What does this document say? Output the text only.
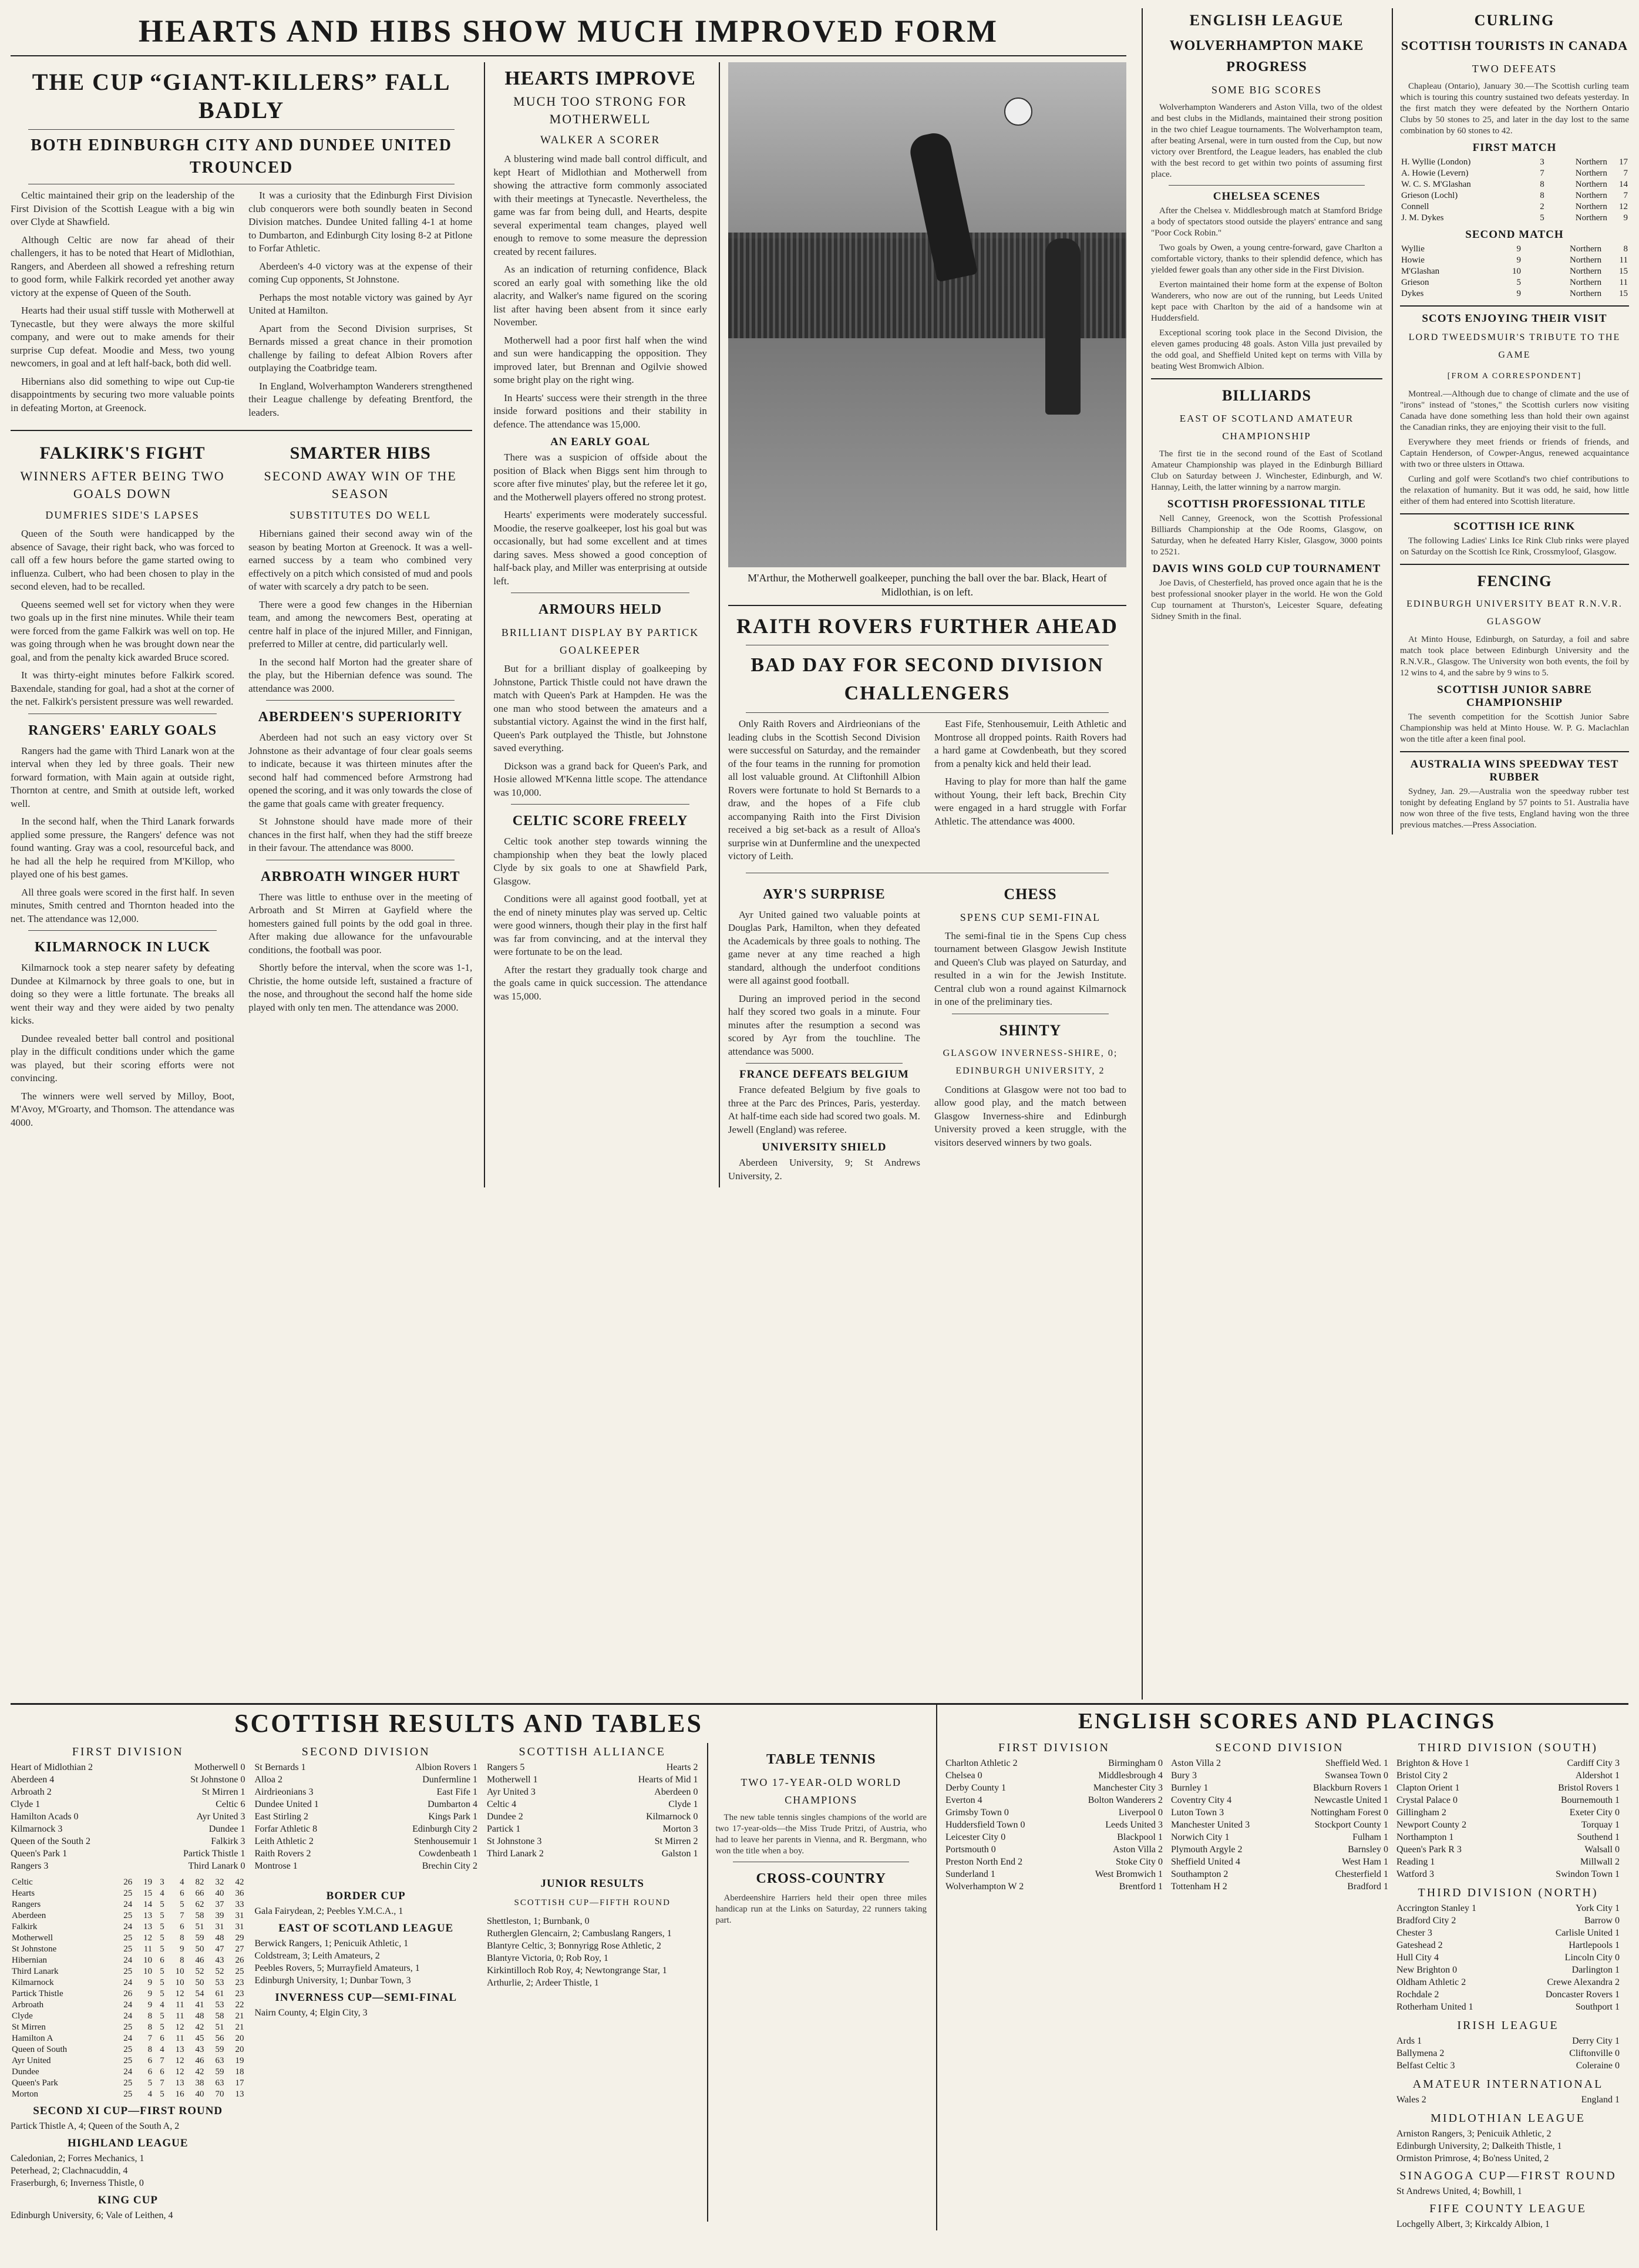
HEARTS AND HIBS SHOW MUCH IMPROVED FORM
THE CUP “GIANT-KILLERS” FALL BADLY
BOTH EDINBURGH CITY AND DUNDEE UNITED TROUNCED

Celtic maintained their grip on the leadership of the First Division of the Scottish League with a big win over Clyde at Shawfield.

Although Celtic are now far ahead of their challengers, it has to be noted that Heart of Midlothian, Rangers, and Aberdeen all showed a refreshing return to good form, while Falkirk recorded yet another away victory at the expense of Queen of the South.

Hearts had their usual stiff tussle with Motherwell at Tynecastle, but they were always the more skilful company, and were out to make amends for their surprise Cup defeat. Moodie and Mess, two young newcomers, in goal and at left half-back, both did well.

Hibernians also did something to wipe out Cup-tie disappointments by securing two more valuable points in defeating Morton, at Greenock.

It was a curiosity that the Edinburgh First Division club conquerors were both soundly beaten in Second Division matches. Dundee United falling 4-1 at home to Dumbarton, and Edinburgh City losing 8-2 at Pitlone to Forfar Athletic.

Aberdeen's 4-0 victory was at the expense of their coming Cup opponents, St Johnstone.

Perhaps the most notable victory was gained by Ayr United at Hamilton.

Apart from the Second Division surprises, St Bernards missed a great chance in their promotion challenge by failing to defeat Albion Rovers after outplaying the Coatbridge team.

In England, Wolverhampton Wanderers strengthened their League challenge by defeating Brentford, the leaders.

FALKIRK'S FIGHT
WINNERS AFTER BEING TWO GOALS DOWN
DUMFRIES SIDE'S LAPSES

Queen of the South were handicapped by the absence of Savage, their right back, who was forced to call off a few hours before the game started owing to influenza. Culbert, who had been chosen to play in the second eleven, had to be recalled.

Queens seemed well set for victory when they were two goals up in the first nine minutes. While their team were forced from the game Falkirk was well on top. He was going through when he was brought down near the goal, and from the penalty kick awarded Bruce scored.

It was thirty-eight minutes before Falkirk scored. Baxendale, standing for goal, had a shot at the corner of the net. Falkirk's persistent pressure was well rewarded.

RANGERS' EARLY GOALS

Rangers had the game with Third Lanark won at the interval when they led by three goals. Their new forward formation, with Main again at outside right, Thornton at centre, and Smith at outside left, worked well.

In the second half, when the Third Lanark forwards applied some pressure, the Rangers' defence was not found wanting. Gray was a cool, resourceful back, and he had all the help he required from M'Killop, who played one of his best games.

All three goals were scored in the first half. In seven minutes, Smith centred and Thornton headed into the net. The attendance was 12,000.

KILMARNOCK IN LUCK

Kilmarnock took a step nearer safety by defeating Dundee at Kilmarnock by three goals to one, but in doing so they were a little fortunate. The breaks all went their way and they were aided by two penalty kicks.

Dundee revealed better ball control and positional play in the difficult conditions under which the game was played, but their scoring efforts were not convincing.

The winners were well served by Milloy, Boot, M'Avoy, M'Groarty, and Thomson. The attendance was 4000.

SMARTER HIBS
SECOND AWAY WIN OF THE SEASON
SUBSTITUTES DO WELL

Hibernians gained their second away win of the season by beating Morton at Greenock. It was a well-earned success by a team who combined very effectively on a pitch which consisted of mud and pools of water with scarcely a dry patch to be seen.

There were a good few changes in the Hibernian team, and among the newcomers Best, operating at centre half in place of the injured Miller, and Finnigan, preferred to Miller at centre, did particularly well.

In the second half Morton had the greater share of the play, but the Hibernian defence was sound. The attendance was 2000.

ABERDEEN'S SUPERIORITY

Aberdeen had not such an easy victory over St Johnstone as their advantage of four clear goals seems to indicate, because it was thirteen minutes after the second half had commenced before Armstrong had opened the scoring, and it was only towards the close of the game that goals came with greater frequency.

St Johnstone should have made more of their chances in the first half, when they had the stiff breeze in their favour. The attendance was 8000.

ARBROATH WINGER HURT

There was little to enthuse over in the meeting of Arbroath and St Mirren at Gayfield where the homesters gained full points by the odd goal in three. After making due allowance for the unfavourable conditions, the football was poor.

Shortly before the interval, when the score was 1-1, Christie, the home outside left, sustained a fracture of the nose, and throughout the second half the home side played with only ten men. The attendance was 2000.

HEARTS IMPROVE
MUCH TOO STRONG FOR MOTHERWELL
WALKER A SCORER

A blustering wind made ball control difficult, and kept Heart of Midlothian and Motherwell from showing the attractive form commonly associated with their meetings at Tynecastle. Nevertheless, the game was far from being dull, and Hearts, despite several experimental team changes, played well enough to remove to some measure the depression created by recent failures.

As an indication of returning confidence, Black scored an early goal with something like the old alacrity, and Walker's name figured on the scoring list after having been absent from it since early November.

Motherwell had a poor first half when the wind and sun were handicapping the opposition. They improved later, but Brennan and Ogilvie showed some bright play on the right wing.

In Hearts' success were their strength in the three inside forward positions and their stability in defence. The attendance was 15,000.

AN EARLY GOAL

There was a suspicion of offside about the position of Black when Biggs sent him through to score after five minutes' play, but the referee let it go, and the Motherwell players offered no strong protest.

Hearts' experiments were moderately successful. Moodie, the reserve goalkeeper, lost his goal but was occasionally, but had some excellent and at times daring saves. Mess showed a good conception of half-back play, and Miller was enterprising at outside left.

ARMOURS HELD
BRILLIANT DISPLAY BY PARTICK GOALKEEPER

But for a brilliant display of goalkeeping by Johnstone, Partick Thistle could not have drawn the match with Queen's Park at Hampden. He was the one man who stood between the amateurs and a substantial victory. Against the wind in the first half, Queen's Park outplayed the Thistle, but Johnstone saved everything.

Dickson was a grand back for Queen's Park, and Hosie allowed M'Kenna little scope. The attendance was 10,000.

CELTIC SCORE FREELY

Celtic took another step towards winning the championship when they beat the lowly placed Clyde by six goals to one at Shawfield Park, Glasgow.

Conditions were all against good football, yet at the end of ninety minutes play was served up. Celtic were good winners, though their play in the first half was far from convincing, and at the interval they were fortunate to be on the lead.

After the restart they gradually took charge and the goals came in quick succession. The attendance was 15,000.

M'Arthur, the Motherwell goalkeeper, punching the ball over the bar. Black, Heart of Midlothian, is on left.
RAITH ROVERS FURTHER AHEAD
BAD DAY FOR SECOND DIVISION CHALLENGERS

Only Raith Rovers and Airdrieonians of the leading clubs in the Scottish Second Division were successful on Saturday, and the remainder of the four teams in the running for promotion all lost valuable ground. At Cliftonhill Albion Rovers were fortunate to hold St Bernards to a draw, and the hopes of a Fife club accompanying Raith into the First Division received a big set-back as a result of Alloa's surprise win at Dunfermline and the unexpected victory of Leith.

East Fife, Stenhousemuir, Leith Athletic and Montrose all dropped points. Raith Rovers had a hard game at Cowdenbeath, but they scored from a penalty kick and held their lead.

Having to play for more than half the game without Young, their left back, Brechin City were engaged in a hard struggle with Forfar Athletic. The attendance was 4000.

AYR'S SURPRISE

Ayr United gained two valuable points at Douglas Park, Hamilton, when they defeated the Academicals by three goals to nothing. The game never at any time reached a high standard, although the underfoot conditions were all against good football.

During an improved period in the second half they scored two goals in a minute. Four minutes after the resumption a second was scored by Ayr from the touchline. The attendance was 5000.

FRANCE DEFEATS BELGIUM

France defeated Belgium by five goals to three at the Parc des Princes, Paris, yesterday. At half-time each side had scored two goals. M. Jewell (England) was referee.

UNIVERSITY SHIELD

Aberdeen University, 9; St Andrews University, 2.

CHESS
SPENS CUP SEMI-FINAL

The semi-final tie in the Spens Cup chess tournament between Glasgow Jewish Institute and Queen's Club was played on Saturday, and resulted in a win for the Jewish Institute. Central club won a round against Kilmarnock in one of the preliminary ties.

SHINTY
GLASGOW INVERNESS-SHIRE, 0; EDINBURGH UNIVERSITY, 2

Conditions at Glasgow were not too bad to allow good play, and the match between Glasgow Inverness-shire and Edinburgh University proved a keen struggle, with the visitors deserved winners by two goals.

ENGLISH LEAGUE
WOLVERHAMPTON MAKE PROGRESS
SOME BIG SCORES

Wolverhampton Wanderers and Aston Villa, two of the oldest and best clubs in the Midlands, maintained their strong position in the two chief League tournaments. The Wolverhampton team, after beating Arsenal, were in turn ousted from the Cup, but now victory over Brentford, the League leaders, has enabled the club with the best record to get within two points of assuming first place.

CHELSEA SCENES

After the Chelsea v. Middlesbrough match at Stamford Bridge a body of spectators stood outside the players' entrance and sang "Poor Cock Robin."

Two goals by Owen, a young centre-forward, gave Charlton a comfortable victory, thanks to their splendid defence, which has yielded fewer goals than any other side in the First Division.

Everton maintained their home form at the expense of Bolton Wanderers, who now are out of the running, but Leeds United kept pace with Charlton by the aid of a handsome win at Huddersfield.

Exceptional scoring took place in the Second Division, the eleven games producing 48 goals. Aston Villa just prevailed by the odd goal, and Sheffield United kept on terms with Villa by beating West Bromwich Albion.

BILLIARDS
EAST OF SCOTLAND AMATEUR CHAMPIONSHIP

The first tie in the second round of the East of Scotland Amateur Championship was played in the Edinburgh Billiard Club on Saturday between J. Winchester, Edinburgh, and W. Hannay, Leith, the latter winning by a narrow margin.

SCOTTISH PROFESSIONAL TITLE

Nell Canney, Greenock, won the Scottish Professional Billiards Championship at the Ode Rooms, Glasgow, on Saturday, when he defeated Harry Kisler, Glasgow, 3000 points to 2521.

DAVIS WINS GOLD CUP TOURNAMENT

Joe Davis, of Chesterfield, has proved once again that he is the best professional snooker player in the world. He won the Gold Cup tournament at Thurston's, Leicester Square, defeating Sidney Smith in the final.

CURLING
SCOTTISH TOURISTS IN CANADA
TWO DEFEATS

Chapleau (Ontario), January 30.—The Scottish curling team which is touring this country sustained two defeats yesterday. In the first match they were defeated by the Northern Ontario Clubs by 50 stones to 25, and later in the day lost to the same combination by 60 stones to 42.

FIRST MATCH
H. Wyllie (London)	3	Northern	17
A. Howie (Levern)	7	Northern	7
W. C. S. M'Glashan	8	Northern	14
Grieson (Lochl)	8	Northern	7
Connell	2	Northern	12
J. M. Dykes	5	Northern	9
SECOND MATCH
Wyllie	9	Northern	8
Howie	9	Northern	11
M'Glashan	10	Northern	15
Grieson	5	Northern	11
Dykes	9	Northern	15
SCOTS ENJOYING THEIR VISIT
LORD TWEEDSMUIR'S TRIBUTE TO THE GAME
[FROM A CORRESPONDENT]

Montreal.—Although due to change of climate and the use of "irons" instead of "stones," the Scottish curlers now visiting Canada have done something less than hold their own against the Canadian rinks, they are enjoying their visit to the full.

Everywhere they meet friends or friends of friends, and Captain Henderson, of Cowper-Angus, renewed acquaintance with two or three ulsters in Ottawa.

Curling and golf were Scotland's two chief contributions to the relaxation of humanity. But it was odd, he said, how little either of them had entered into Scottish literature.

SCOTTISH ICE RINK

The following Ladies' Links Ice Rink Club rinks were played on Saturday on the Scottish Ice Rink, Crossmyloof, Glasgow.

FENCING
EDINBURGH UNIVERSITY BEAT R.N.V.R. GLASGOW

At Minto House, Edinburgh, on Saturday, a foil and sabre match took place between Edinburgh University and the R.N.V.R., Glasgow. The University won both events, the foil by 12 wins to 4, and the sabre by 9 wins to 5.

SCOTTISH JUNIOR SABRE CHAMPIONSHIP

The seventh competition for the Scottish Junior Sabre Championship was held at Minto House. W. P. G. Maclachlan won the title after a keen final pool.

AUSTRALIA WINS SPEEDWAY TEST RUBBER

Sydney, Jan. 29.—Australia won the speedway rubber test tonight by defeating England by 57 points to 51. Australia have now won three of the five tests, England having won the three previous matches.—Press Association.

SCOTTISH RESULTS AND TABLES
FIRST DIVISION
Heart of Midlothian 2	Motherwell 0
Aberdeen 4	St Johnstone 0
Arbroath 2	St Mirren 1
Clyde 1	Celtic 6
Hamilton Acads 0	Ayr United 3
Kilmarnock 3	Dundee 1
Queen of the South 2	Falkirk 3
Queen's Park 1	Partick Thistle 1
Rangers 3	Third Lanark 0
Celtic	26	19	3	4	82	32	42
Hearts	25	15	4	6	66	40	36
Rangers	24	14	5	5	62	37	33
Aberdeen	25	13	5	7	58	39	31
Falkirk	24	13	5	6	51	31	31
Motherwell	25	12	5	8	59	48	29
St Johnstone	25	11	5	9	50	47	27
Hibernian	24	10	6	8	46	43	26
Third Lanark	25	10	5	10	52	52	25
Kilmarnock	24	9	5	10	50	53	23
Partick Thistle	26	9	5	12	54	61	23
Arbroath	24	9	4	11	41	53	22
Clyde	24	8	5	11	48	58	21
St Mirren	25	8	5	12	42	51	21
Hamilton A	24	7	6	11	45	56	20
Queen of South	25	8	4	13	43	59	20
Ayr United	25	6	7	12	46	63	19
Dundee	24	6	6	12	42	59	18
Queen's Park	25	5	7	13	38	63	17
Morton	25	4	5	16	40	70	13
SECOND XI CUP—FIRST ROUND
Partick Thistle A, 4; Queen of the South A, 2
HIGHLAND LEAGUE
Caledonian, 2; Forres Mechanics, 1
Peterhead, 2; Clachnacuddin, 4
Fraserburgh, 6; Inverness Thistle, 0
KING CUP
Edinburgh University, 6; Vale of Leithen, 4
SECOND DIVISION
St Bernards 1	Albion Rovers 1
Alloa 2	Dunfermline 1
Airdrieonians 3	East Fife 1
Dundee United 1	Dumbarton 4
East Stirling 2	Kings Park 1
Forfar Athletic 8	Edinburgh City 2
Leith Athletic 2	Stenhousemuir 1
Raith Rovers 2	Cowdenbeath 1
Montrose 1	Brechin City 2
BORDER CUP
Gala Fairydean, 2; Peebles Y.M.C.A., 1
EAST OF SCOTLAND LEAGUE
Berwick Rangers, 1; Penicuik Athletic, 1
Coldstream, 3; Leith Amateurs, 2
Peebles Rovers, 5; Murrayfield Amateurs, 1
Edinburgh University, 1; Dunbar Town, 3
INVERNESS CUP—SEMI-FINAL
Nairn County, 4; Elgin City, 3
SCOTTISH ALLIANCE
Rangers 5	Hearts 2
Motherwell 1	Hearts of Mid 1
Ayr United 3	Aberdeen 0
Celtic 4	Clyde 1
Dundee 2	Kilmarnock 0
Partick 1	Morton 3
St Johnstone 3	St Mirren 2
Third Lanark 2	Galston 1
JUNIOR RESULTS
SCOTTISH CUP—FIFTH ROUND
Shettleston, 1; Burnbank, 0
Rutherglen Glencairn, 2; Cambuslang Rangers, 1
Blantyre Celtic, 3; Bonnyrigg Rose Athletic, 2
Blantyre Victoria, 0; Rob Roy, 1
Kirkintilloch Rob Roy, 4; Newtongrange Star, 1
Arthurlie, 2; Ardeer Thistle, 1
TABLE TENNIS
TWO 17-YEAR-OLD WORLD CHAMPIONS

The new table tennis singles champions of the world are two 17-year-olds—the Miss Trude Pritzi, of Austria, who had to leave her parents in Vienna, and R. Bergmann, who won the title when a boy.

CROSS-COUNTRY

Aberdeenshire Harriers held their open three miles handicap run at the Links on Saturday, 22 runners taking part.

ENGLISH SCORES AND PLACINGS
FIRST DIVISION
Charlton Athletic 2	Birmingham 0
Chelsea 0	Middlesbrough 4
Derby County 1	Manchester City 3
Everton 4	Bolton Wanderers 2
Grimsby Town 0	Liverpool 0
Huddersfield Town 0	Leeds United 3
Leicester City 0	Blackpool 1
Portsmouth 0	Aston Villa 2
Preston North End 2	Stoke City 0
Sunderland 1	West Bromwich 1
Wolverhampton W 2	Brentford 1
SECOND DIVISION
Aston Villa 2	Sheffield Wed. 1
Bury 3	Swansea Town 0
Burnley 1	Blackburn Rovers 1
Coventry City 4	Newcastle United 1
Luton Town 3	Nottingham Forest 0
Manchester United 3	Stockport County 1
Norwich City 1	Fulham 1
Plymouth Argyle 2	Barnsley 0
Sheffield United 4	West Ham 1
Southampton 2	Chesterfield 1
Tottenham H 2	Bradford 1
THIRD DIVISION (SOUTH)
Brighton & Hove 1	Cardiff City 3
Bristol City 2	Aldershot 1
Clapton Orient 1	Bristol Rovers 1
Crystal Palace 0	Bournemouth 1
Gillingham 2	Exeter City 0
Newport County 2	Torquay 1
Northampton 1	Southend 1
Queen's Park R 3	Walsall 0
Reading 1	Millwall 2
Watford 3	Swindon Town 1
THIRD DIVISION (NORTH)
Accrington Stanley 1	York City 1
Bradford City 2	Barrow 0
Chester 3	Carlisle United 1
Gateshead 2	Hartlepools 1
Hull City 4	Lincoln City 0
New Brighton 0	Darlington 1
Oldham Athletic 2	Crewe Alexandra 2
Rochdale 2	Doncaster Rovers 1
Rotherham United 1	Southport 1
IRISH LEAGUE
Ards 1	Derry City 1
Ballymena 2	Cliftonville 0
Belfast Celtic 3	Coleraine 0
AMATEUR INTERNATIONAL
Wales 2	England 1
MIDLOTHIAN LEAGUE
Arniston Rangers, 3; Penicuik Athletic, 2
Edinburgh University, 2; Dalkeith Thistle, 1
Ormiston Primrose, 4; Bo'ness United, 2
SINAGOGA CUP—FIRST ROUND
St Andrews United, 4; Bowhill, 1
FIFE COUNTY LEAGUE
Lochgelly Albert, 3; Kirkcaldy Albion, 1
